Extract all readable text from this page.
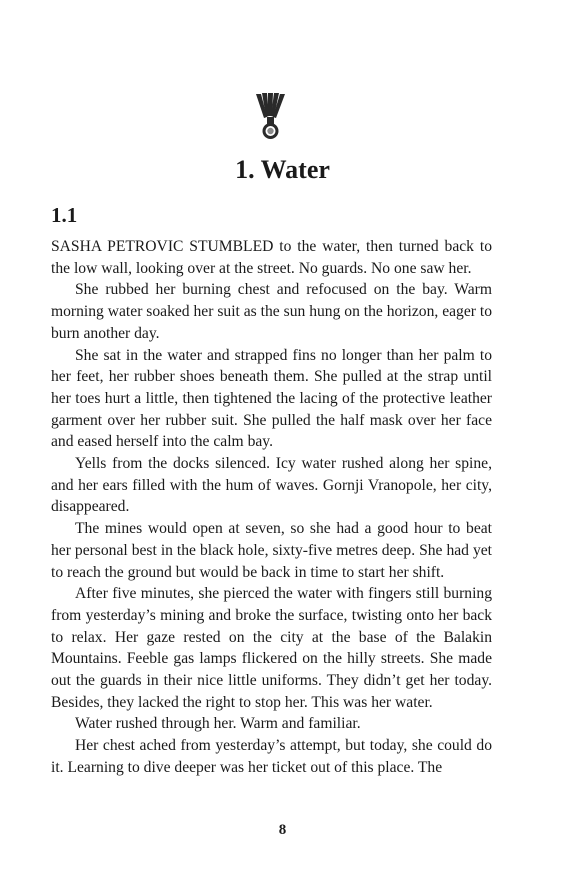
1. Water
1.1

SASHA PETROVIC STUMBLED to the water, then turned back to the low wall, looking over at the street. No guards. No one saw her.

She rubbed her burning chest and refocused on the bay. Warm morning water soaked her suit as the sun hung on the horizon, eager to burn another day.

She sat in the water and strapped fins no longer than her palm to her feet, her rubber shoes beneath them. She pulled at the strap until her toes hurt a little, then tightened the lacing of the protective leather garment over her rubber suit. She pulled the half mask over her face and eased herself into the calm bay.

Yells from the docks silenced. Icy water rushed along her spine, and her ears filled with the hum of waves. Gornji Vranopole, her city, disappeared.

The mines would open at seven, so she had a good hour to beat her personal best in the black hole, sixty-five metres deep. She had yet to reach the ground but would be back in time to start her shift.

After five minutes, she pierced the water with fingers still burning from yesterday’s mining and broke the surface, twisting onto her back to relax. Her gaze rested on the city at the base of the Balakin Mountains. Feeble gas lamps flickered on the hilly streets. She made out the guards in their nice little uniforms. They didn’t get her today. Besides, they lacked the right to stop her. This was her water.

Water rushed through her. Warm and familiar.

Her chest ached from yesterday’s attempt, but today, she could do it. Learning to dive deeper was her ticket out of this place. The

8
